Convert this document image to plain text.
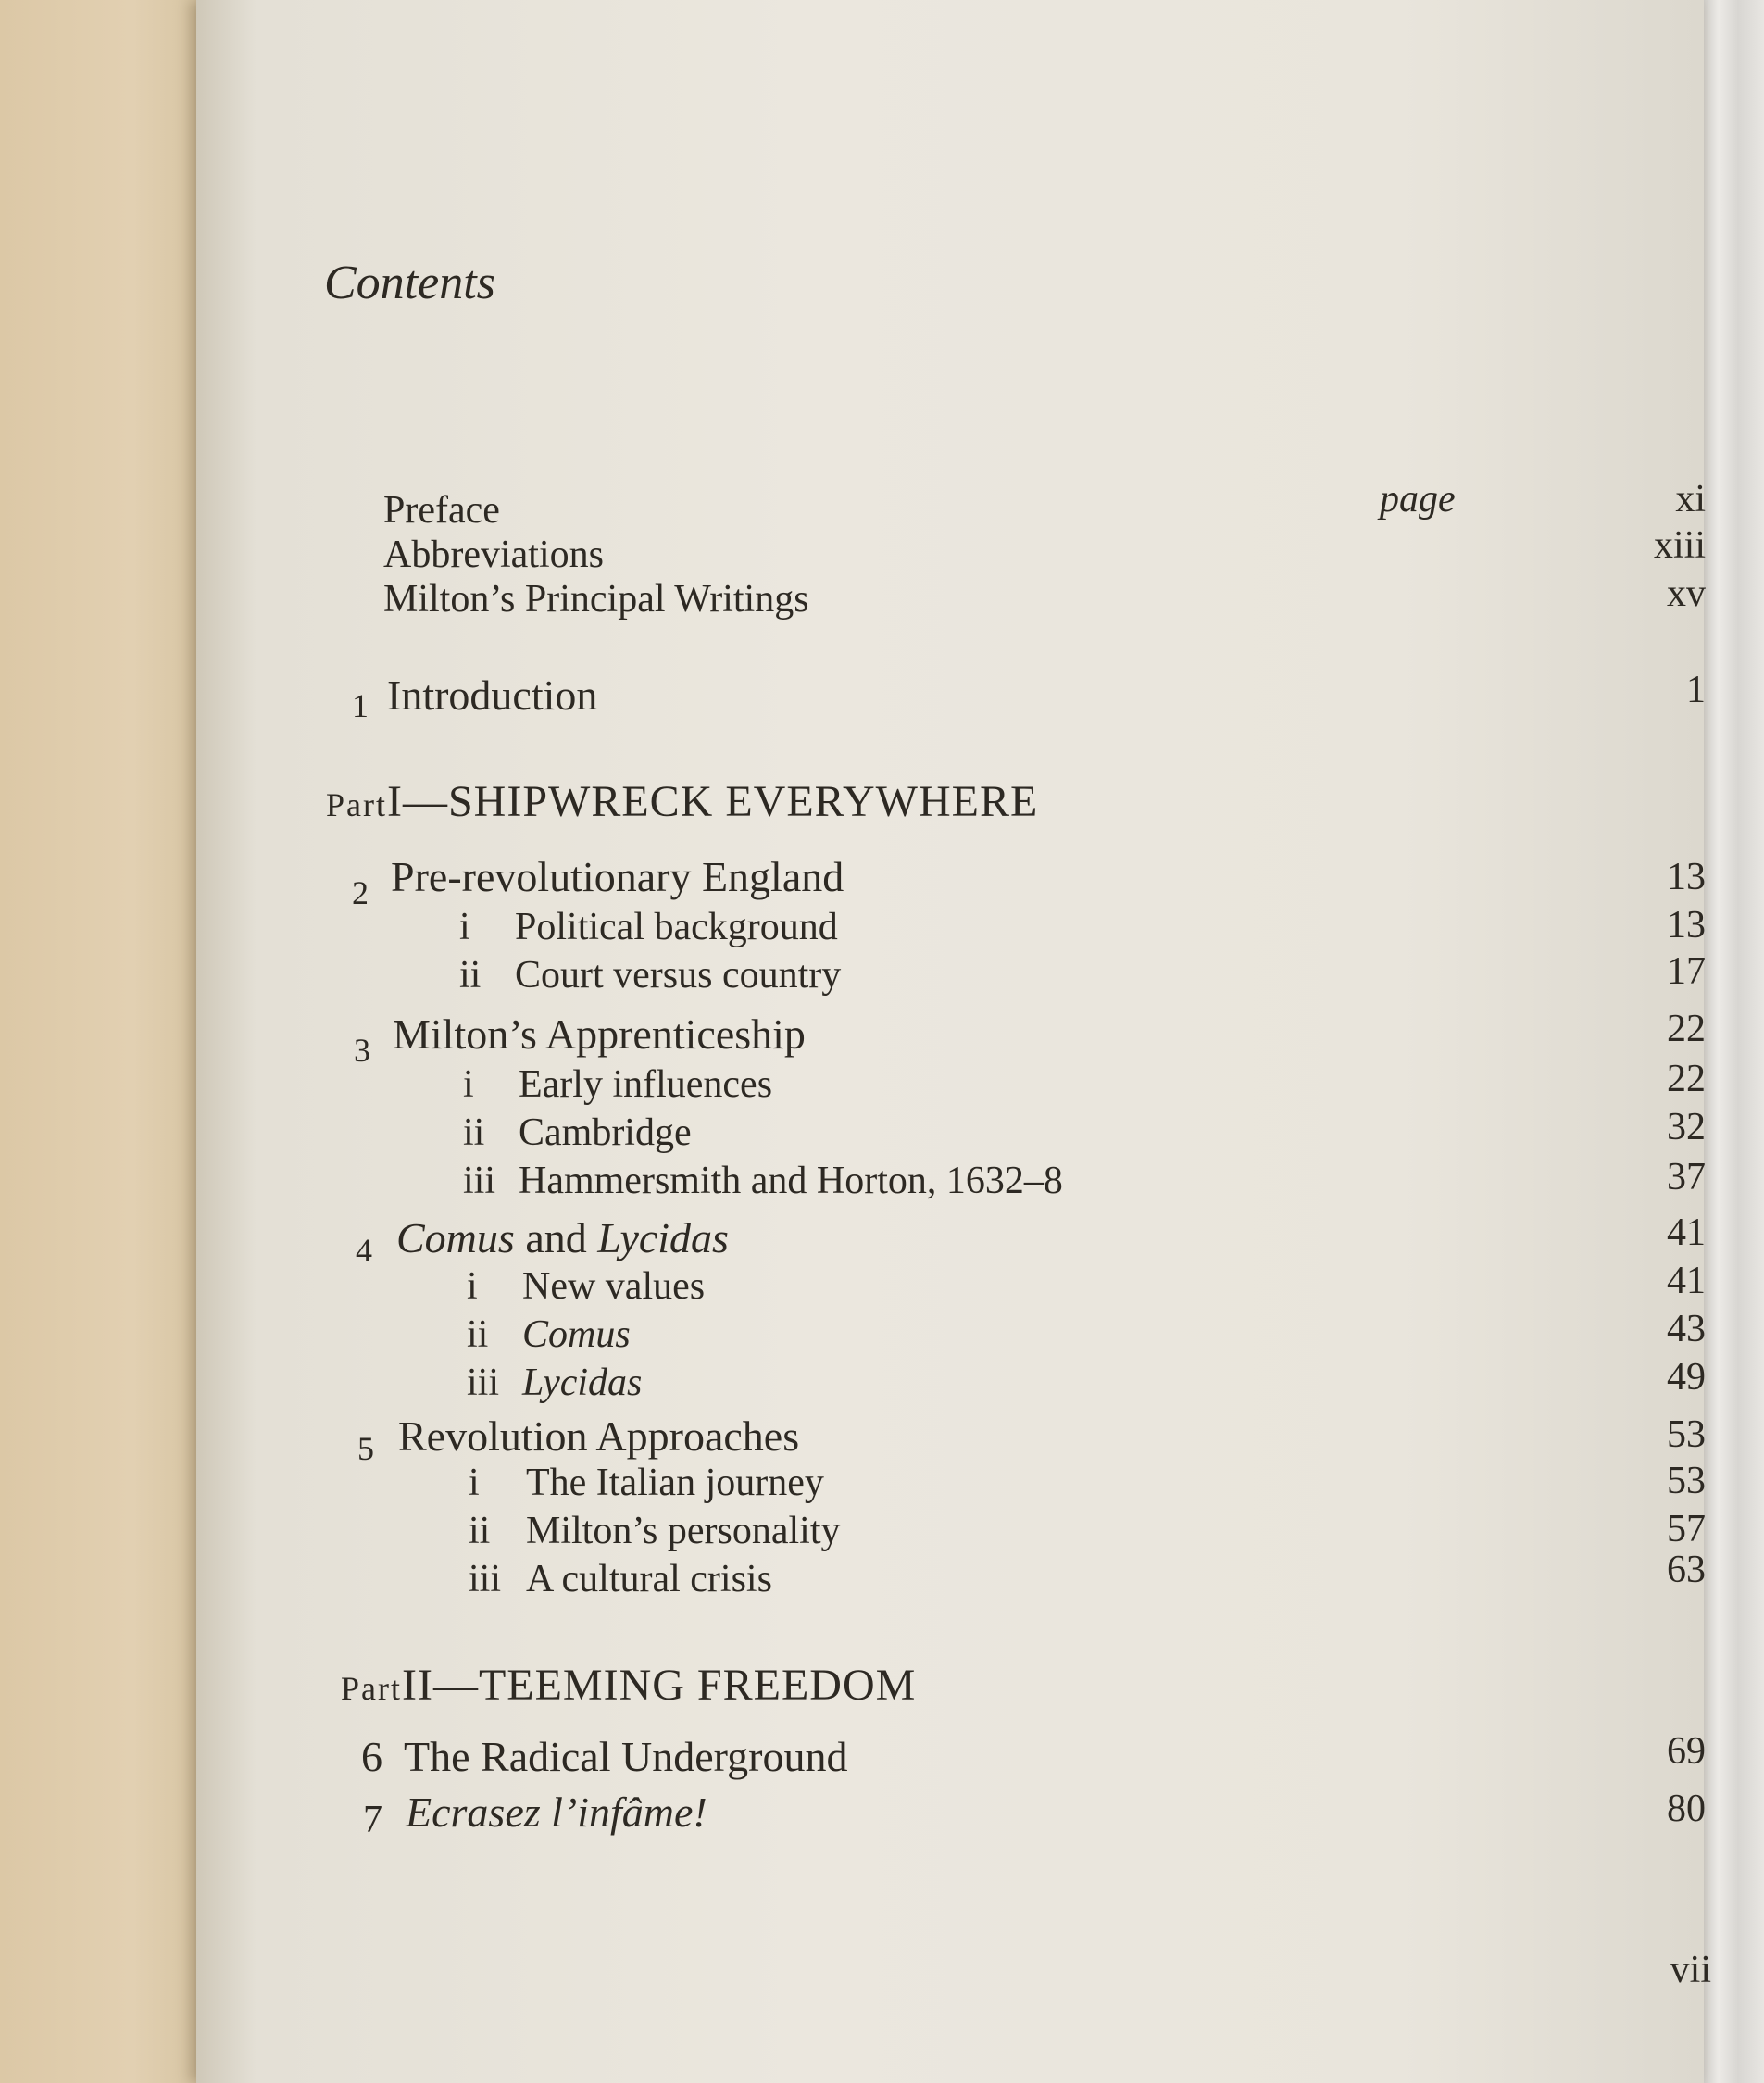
Contents
Preface	page	xi
Abbreviations	xiii
Milton’s Principal Writings	xv
1 Introduction	1
PartI—SHIPWRECK EVERYWHERE
2 Pre-revolutionary England	13
i Political background	13
ii Court versus country	17
3 Milton’s Apprenticeship	22
i Early influences	22
ii Cambridge	32
iii Hammersmith and Horton, 1632–8	37
4 Comus and Lycidas	41
i New values	41
ii Comus	43
iii Lycidas	49
5 Revolution Approaches	53
i The Italian journey	53
ii Milton’s personality	57
iii A cultural crisis	63
PartII—TEEMING FREEDOM
6 The Radical Underground	69
7 Ecrasez l’infâme!	80
vii
